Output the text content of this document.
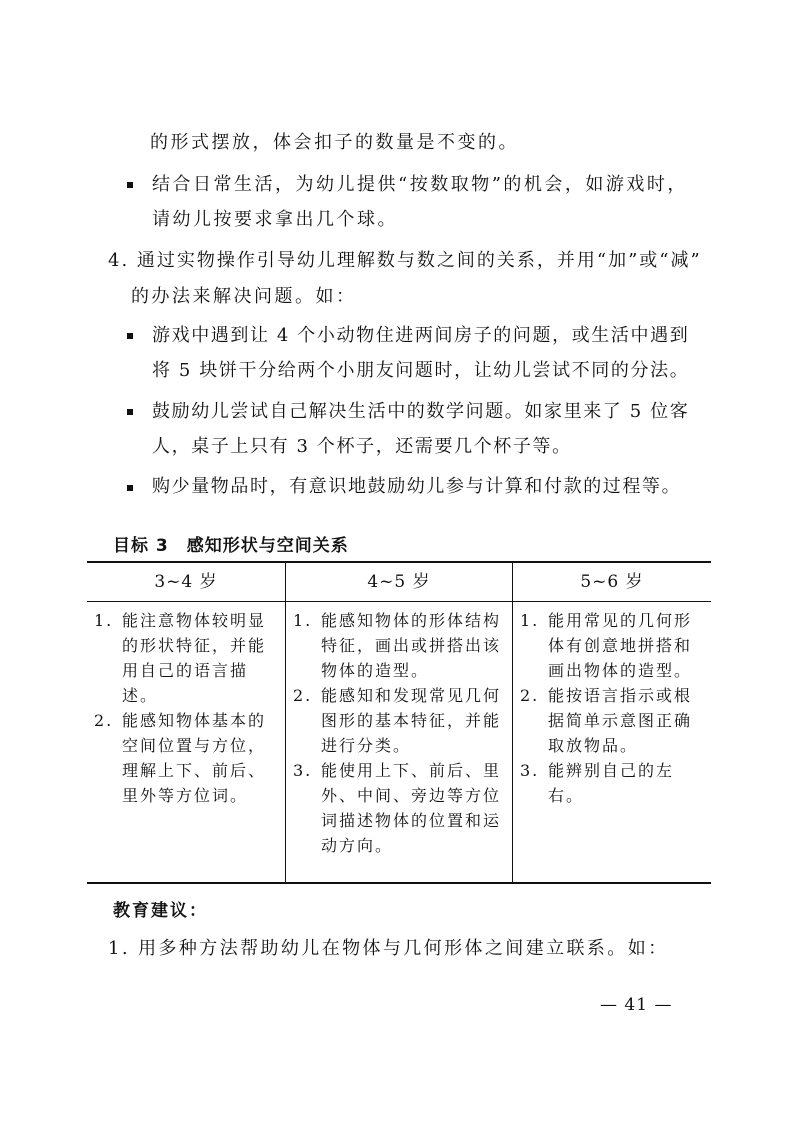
的形式摆放，体会扣子的数量是不变的。
结合日常生活，为幼儿提供“按数取物”的机会，如游戏时，
请幼儿按要求拿出几个球。
4. 通过实物操作引导幼儿理解数与数之间的关系，并用“加”或“减”
的办法来解决问题。如：
游戏中遇到让 4 个小动物住进两间房子的问题，或生活中遇到
将 5 块饼干分给两个小朋友问题时，让幼儿尝试不同的分法。
鼓励幼儿尝试自己解决生活中的数学问题。如家里来了 5 位客
人，桌子上只有 3 个杯子，还需要几个杯子等。
购少量物品时，有意识地鼓励幼儿参与计算和付款的过程等。
目标 3　感知形状与空间关系
3~4 岁	4~5 岁	5~6 岁
1. 能注意物体较明显的形状特征，并能用自己的语言描述。
2. 能感知物体基本的空间位置与方位，理解上下、前后、里外等方位词。
1. 能感知物体的形体结构特征，画出或拼搭出该物体的造型。
2. 能感知和发现常见几何图形的基本特征，并能进行分类。
3. 能使用上下、前后、里外、中间、旁边等方位词描述物体的位置和运动方向。
1. 能用常见的几何形体有创意地拼搭和画出物体的造型。
2. 能按语言指示或根据简单示意图正确取放物品。
3. 能辨别自己的左右。
教育建议：
1. 用多种方法帮助幼儿在物体与几何形体之间建立联系。如：
— 41 —
